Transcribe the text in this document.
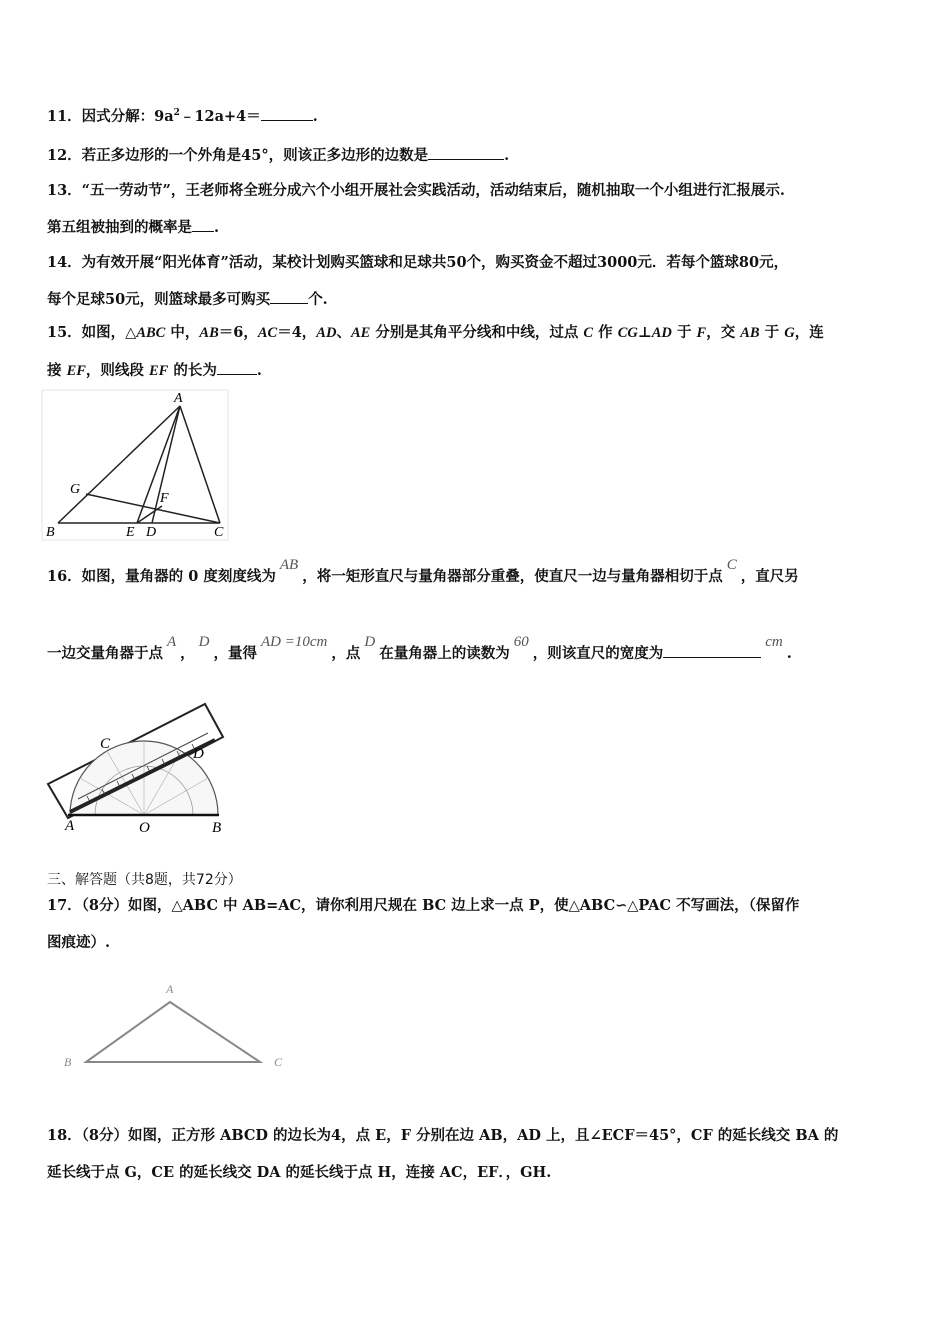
11．因式分解：$9a^2﹣12a+4=$	.
12．若正多边形的一个外角是45°，则该正多边形的边数是	.
13．“五一劳动节”，王老师将全班分成六个小组开展社会实践活动，活动结束后，随机抽取一个小组进行汇报展示.
第五组被抽到的概率是 .
14．为有效开展“阳光体育”活动，某校计划购买篮球和足球共50个，购买资金不超过3000元．若每个篮球80元，
每个足球50元，则篮球最多可购买	个.
15．如图，△ABC 中，AB＝6，AC＝4，AD、AE 分别是其角平分线和中线，过点 C 作 CG⊥AD 于 F，交 AB 于 G，连
接 EF，则线段 EF 的长为	.
A
G
F
B	E D	C
16．如图，量角器的 0 度刻度线为AB，将一矩形直尺与量角器部分重叠，使直尺一边与量角器相切于点C，直尺另
一边交量角器于点A，D，量得AD =10cm，点D在量角器上的读数为60，则该直尺的宽度为cm.
C
D
A	O	B
三、解答题（共8题，共72分）
17．（8分）如图，△ABC 中 AB=AC，请你利用尺规在 BC 边上求一点 P，使△ABC∽△PAC 不写画法，（保留作
图痕迹）.
A
B	C
18．（8分）如图，正方形 ABCD 的边长为4，点 E，F 分别在边 AB，AD 上，且∠ECF＝45°，CF 的延长线交 BA 的
延长线于点 G，CE 的延长线交 DA 的延长线于点 H，连接 AC，EF．，GH.
